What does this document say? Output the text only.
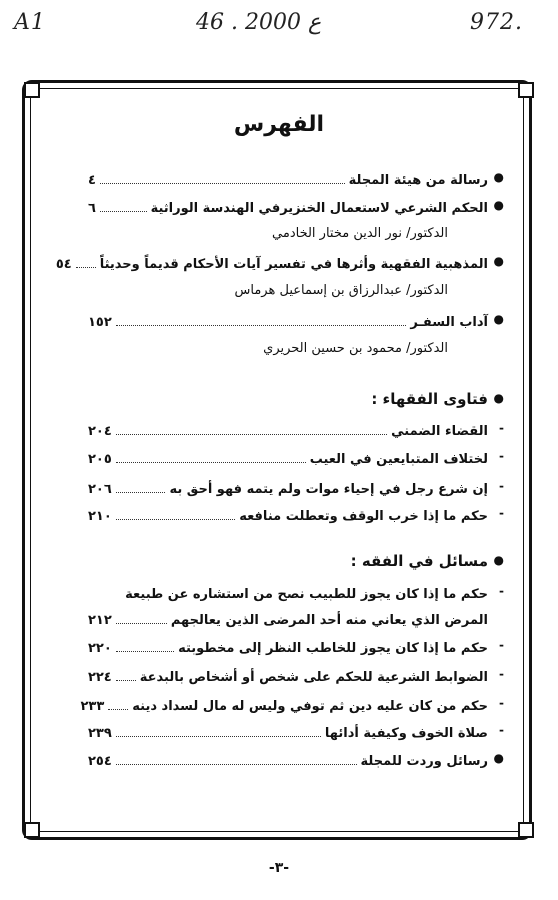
A1	46 . ع 2000	972.
الفهرس
●
رسالة من هيئة المجلة
٤
●
الحكم الشرعي لاستعمال الخنزيرفي الهندسة الوراثية
٦
الدكتور/ نور الدين مختار الخادمي
●
المذهبية الفقهية وأثرها في تفسير آيات الأحكام قديماً وحديثاً
٥٤
الدكتور/ عبدالرزاق بن إسماعيل هرماس
●
آداب السفـر
١٥٢
الدكتور/ محمود بن حسين الحريري
●
فتاوى الفقهاء :
-
القضاء الضمني
٢٠٤
-
لختلاف المتبايعين في العيب
٢٠٥
-
إن شرع رجل في إحياء موات ولم يتمه فهو أحق به
٢٠٦
-
حكم ما إذا خرب الوقف وتعطلت منافعه
٢١٠
●
مسائل في الفقه :
-
حكم ما إذا كان يجوز للطبيب نصح من استشاره عن طبيعة
المرض الذي يعاني منه أحد المرضى الذين يعالجهم
٢١٢
-
حكم ما إذا كان يجوز للخاطب النظر إلى مخطوبته
٢٢٠
-
الضوابط الشرعية للحكم على شخص أو أشخاص بالبدعة
٢٢٤
-
حكم من كان عليه دين ثم توفي وليس له مال لسداد دينه
٢٣٣
-
صلاة الخوف وكيفية أدائها
٢٣٩
●
رسائل وردت للمجلة
٢٥٤
-٣-
